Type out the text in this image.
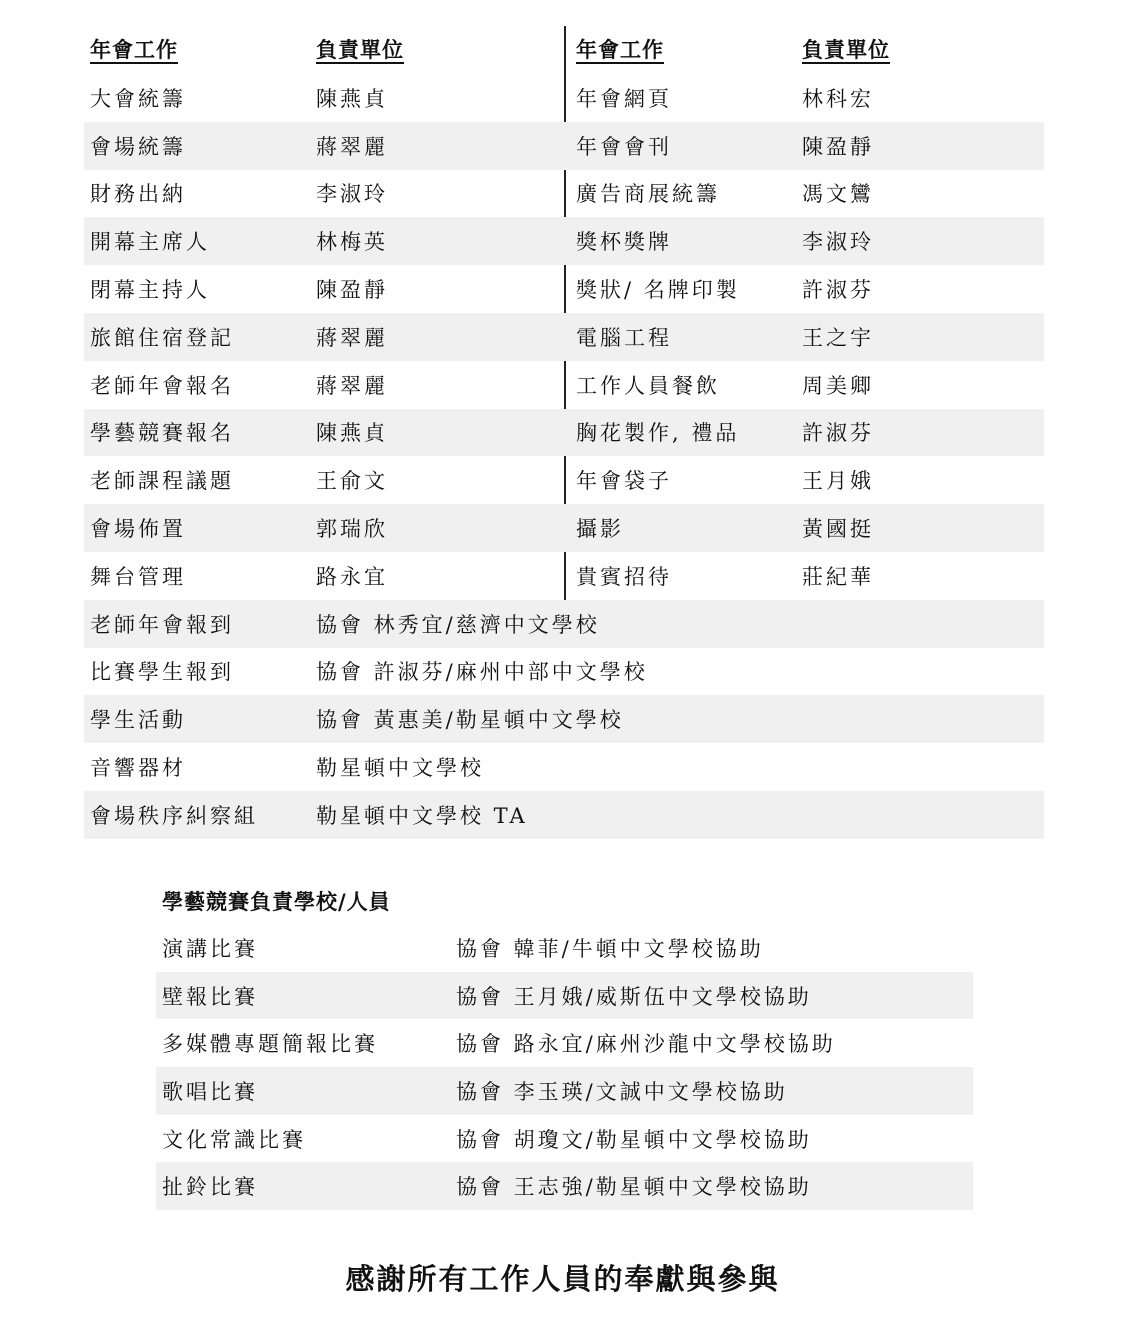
年會工作	負責單位	年會工作	負責單位
大會統籌	陳燕貞	年會網頁	林科宏
會場統籌	蔣翠麗	年會會刊	陳盈靜
財務出納	李淑玲	廣告商展統籌	馮文鸞
開幕主席人	林梅英	獎杯獎牌	李淑玲
閉幕主持人	陳盈靜	獎狀/ 名牌印製	許淑芬
旅館住宿登記	蔣翠麗	電腦工程	王之宇
老師年會報名	蔣翠麗	工作人員餐飲	周美卿
學藝競賽報名	陳燕貞	胸花製作, 禮品	許淑芬
老師課程議題	王俞文	年會袋子	王月娥
會場佈置	郭瑞欣	攝影	黃國挺
舞台管理	路永宜	貴賓招待	莊紀華
老師年會報到	協會 林秀宜/慈濟中文學校
比賽學生報到	協會 許淑芬/麻州中部中文學校
學生活動	協會 黃惠美/勒星頓中文學校
音響器材	勒星頓中文學校
會場秩序糾察組	勒星頓中文學校 TA
學藝競賽負責學校/人員
演講比賽	協會 韓菲/牛頓中文學校協助
壁報比賽	協會 王月娥/威斯伍中文學校協助
多媒體專題簡報比賽	協會 路永宜/麻州沙龍中文學校協助
歌唱比賽	協會 李玉瑛/文誠中文學校協助
文化常識比賽	協會 胡瓊文/勒星頓中文學校協助
扯鈴比賽	協會 王志強/勒星頓中文學校協助
感謝所有工作人員的奉獻與參與
